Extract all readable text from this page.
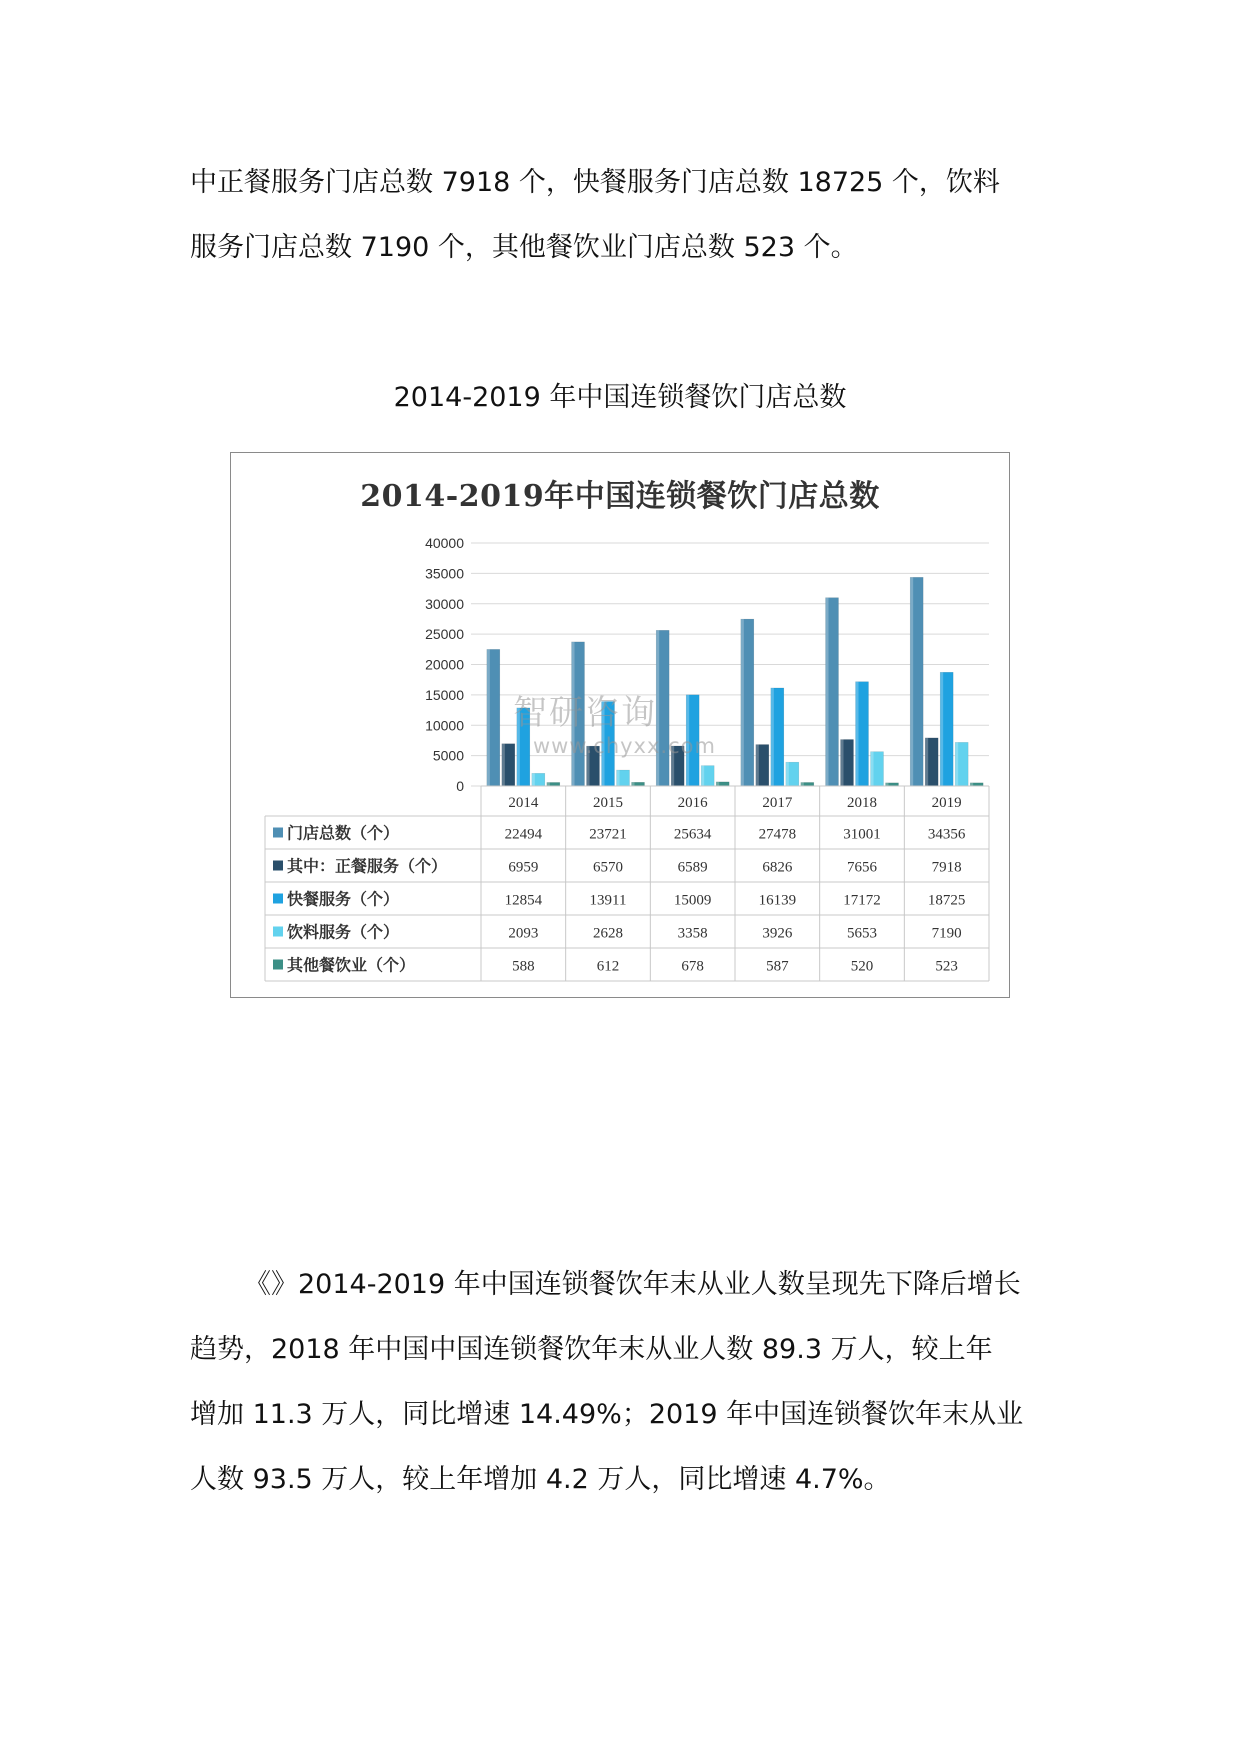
中正餐服务门店总数 7918 个，快餐服务门店总数 18725 个，饮料
服务门店总数 7190 个，其他餐饮业门店总数 523 个。
2014-2019 年中国连锁餐饮门店总数
2014-2019年中国连锁餐饮门店总数
40000
35000
30000
25000
20000
15000
10000
5000
0
2014	2015	2016	2017	2018	2019
门店总数（个）	22494	23721	25634	27478	31001	34356
其中：正餐服务（个）	6959	6570	6589	6826	7656	7918
快餐服务（个）	12854	13911	15009	16139	17172	18725
饮料服务（个）	2093	2628	3358	3926	5653	7190
其他餐饮业（个）	588	612	678	587	520	523
智研咨询
www.chyxx.com
《》2014-2019 年中国连锁餐饮年末从业人数呈现先下降后增长
趋势，2018 年中国中国连锁餐饮年末从业人数 89.3 万人，较上年
增加 11.3 万人，同比增速 14.49%；2019 年中国连锁餐饮年末从业
人数 93.5 万人，较上年增加 4.2 万人，同比增速 4.7%。
